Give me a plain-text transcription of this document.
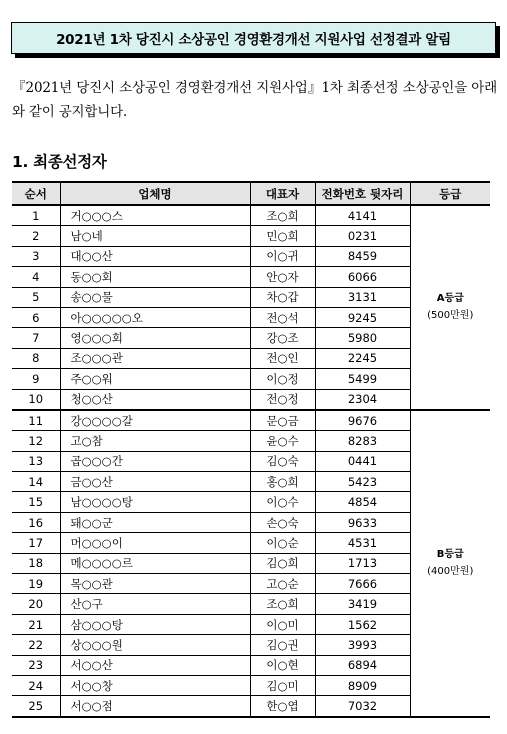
2021년 1차 당진시 소상공인 경영환경개선 지원사업 선정결과 알림
『2021년 당진시 소상공인 경영환경개선 지원사업』1차 최종선정 소상공인을 아래와 같이 공지합니다.
1. 최종선정자
순서	업체명	대표자	전화번호 뒷자리	등급
1	거○○○스	조○희	4141	A등급
(500만원)

2	남○네	민○희	0231	
3	대○○산	이○귀	8459	
4	동○○회	안○자	6066	
5	송○○물	차○갑	3131	
6	아○○○○○오	전○석	9245	
7	영○○○회	강○조	5980	
8	조○○○관	전○인	2245	
9	주○○워	이○정	5499	
10	청○○산	전○정	2304	
11	강○○○○갈	문○금	9676	B등급
(400만원)

12	고○참	윤○수	8283	
13	곱○○○간	김○숙	0441	
14	금○○산	홍○희	5423	
15	남○○○○탕	이○수	4854	
16	돼○○군	손○숙	9633	
17	머○○○이	이○순	4531	
18	메○○○○르	김○희	1713	
19	목○○관	고○순	7666	
20	산○구	조○희	3419	
21	삼○○○탕	이○미	1562	
22	상○○○원	김○권	3993	
23	서○○산	이○현	6894	
24	서○○창	김○미	8909	
25	서○○점	한○엽	7032	
